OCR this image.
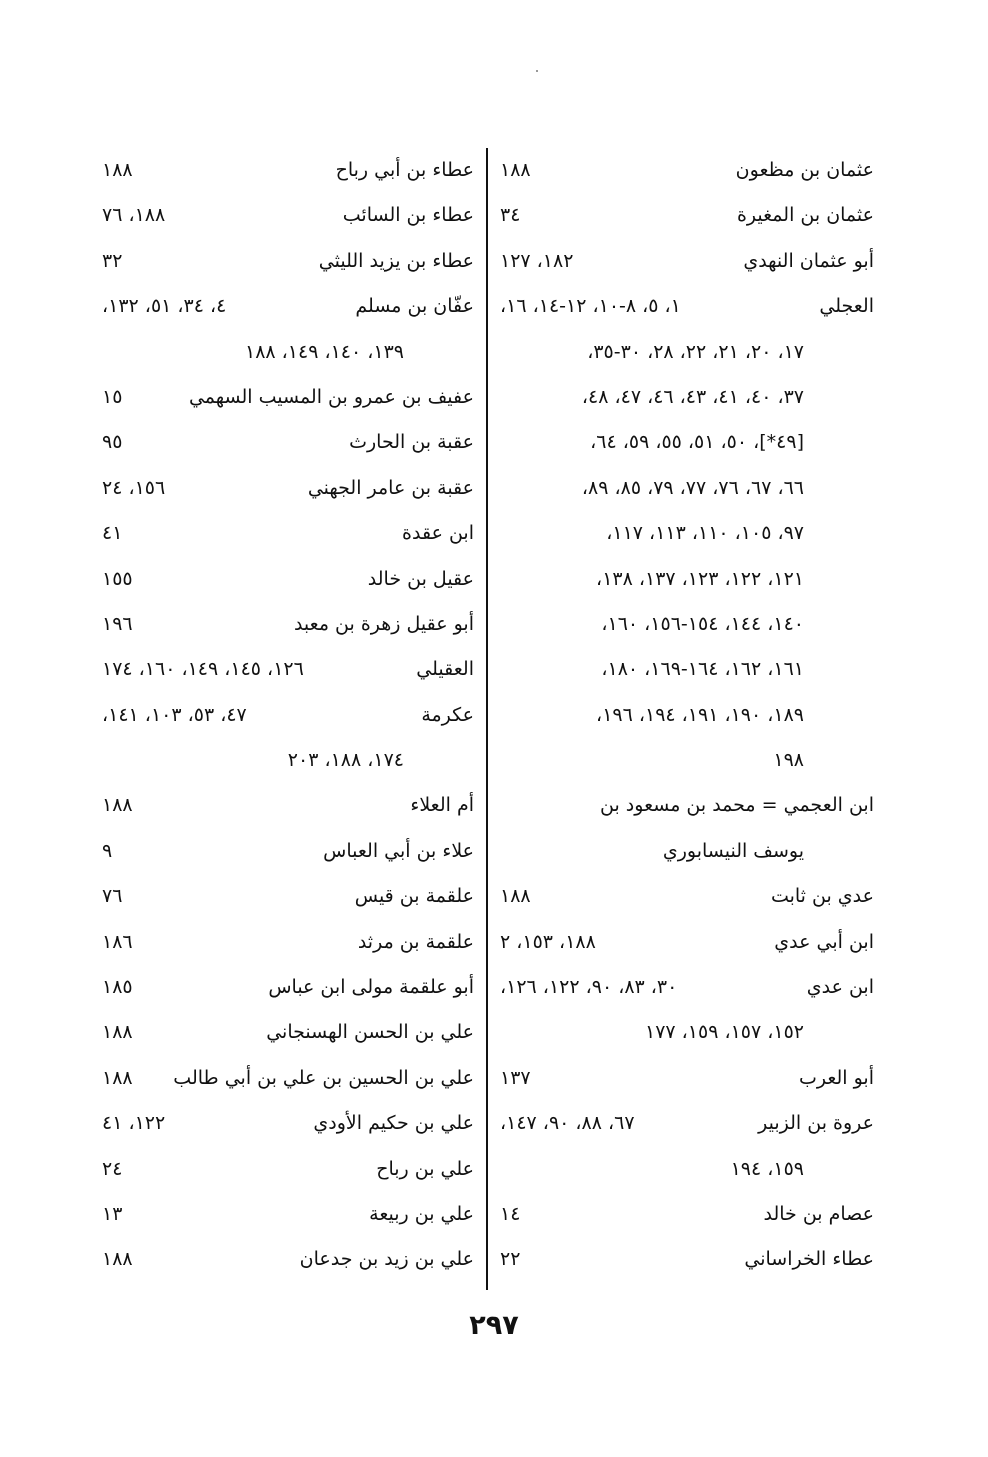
عثمان بن مظعون
١٨٨
عثمان بن المغيرة
٣٤
أبو عثمان النهدي
١٨٢، ١٢٧
العجلي
١، ٥، ٨-١٠، ١٢-١٤، ١٦،
١٧، ٢٠، ٢١، ٢٢، ٢٨، ٣٠-٣٥،
٣٧، ٤٠، ٤١، ٤٣، ٤٦، ٤٧، ٤٨،
[٤٩*]، ٥٠، ٥١، ٥٥، ٥٩، ٦٤،
٦٦، ٦٧، ٧٦، ٧٧، ٧٩، ٨٥، ٨٩،
٩٧، ١٠٥، ١١٠، ١١٣، ١١٧،
١٢١، ١٢٢، ١٢٣، ١٣٧، ١٣٨،
١٤٠، ١٤٤، ١٥٤-١٥٦، ١٦٠،
١٦١، ١٦٢، ١٦٤-١٦٩، ١٨٠،
١٨٩، ١٩٠، ١٩١، ١٩٤، ١٩٦،
١٩٨
ابن العجمي = محمد بن مسعود بن
يوسف النيسابوري
عدي بن ثابت
١٨٨
ابن أبي عدي
١٨٨، ١٥٣، ٢
ابن عدي
٣٠، ٨٣، ٩٠، ١٢٢، ١٢٦،
١٥٢، ١٥٧، ١٥٩، ١٧٧
أبو العرب
١٣٧
عروة بن الزبير
٦٧، ٨٨، ٩٠، ١٤٧،
١٥٩، ١٩٤
عصام بن خالد
١٤
عطاء الخراساني
٢٢
عطاء بن أبي رباح
١٨٨
عطاء بن السائب
١٨٨، ٧٦
عطاء بن يزيد الليثي
٣٢
عفّان بن مسلم
٤، ٣٤، ٥١، ١٣٢،
١٣٩، ١٤٠، ١٤٩، ١٨٨
عفيف بن عمرو بن المسيب السهمي
١٥
عقبة بن الحارث
٩٥
عقبة بن عامر الجهني
١٥٦، ٢٤
ابن عقدة
٤١
عقيل بن خالد
١٥٥
أبو عقيل زهرة بن معبد
١٩٦
العقيلي
١٢٦، ١٤٥، ١٤٩، ١٦٠، ١٧٤
عكرمة
٤٧، ٥٣، ١٠٣، ١٤١،
١٧٤، ١٨٨، ٢٠٣
أم العلاء
١٨٨
علاء بن أبي العباس
٩
علقمة بن قيس
٧٦
علقمة بن مرثد
١٨٦
أبو علقمة مولى ابن عباس
١٨٥
علي بن الحسن الهسنجاني
١٨٨
علي بن الحسين بن علي بن أبي طالب
١٨٨
علي بن حكيم الأودي
١٢٢، ٤١
علي بن رباح
٢٤
علي بن ربيعة
١٣
علي بن زيد بن جدعان
١٨٨
٢٩٧
